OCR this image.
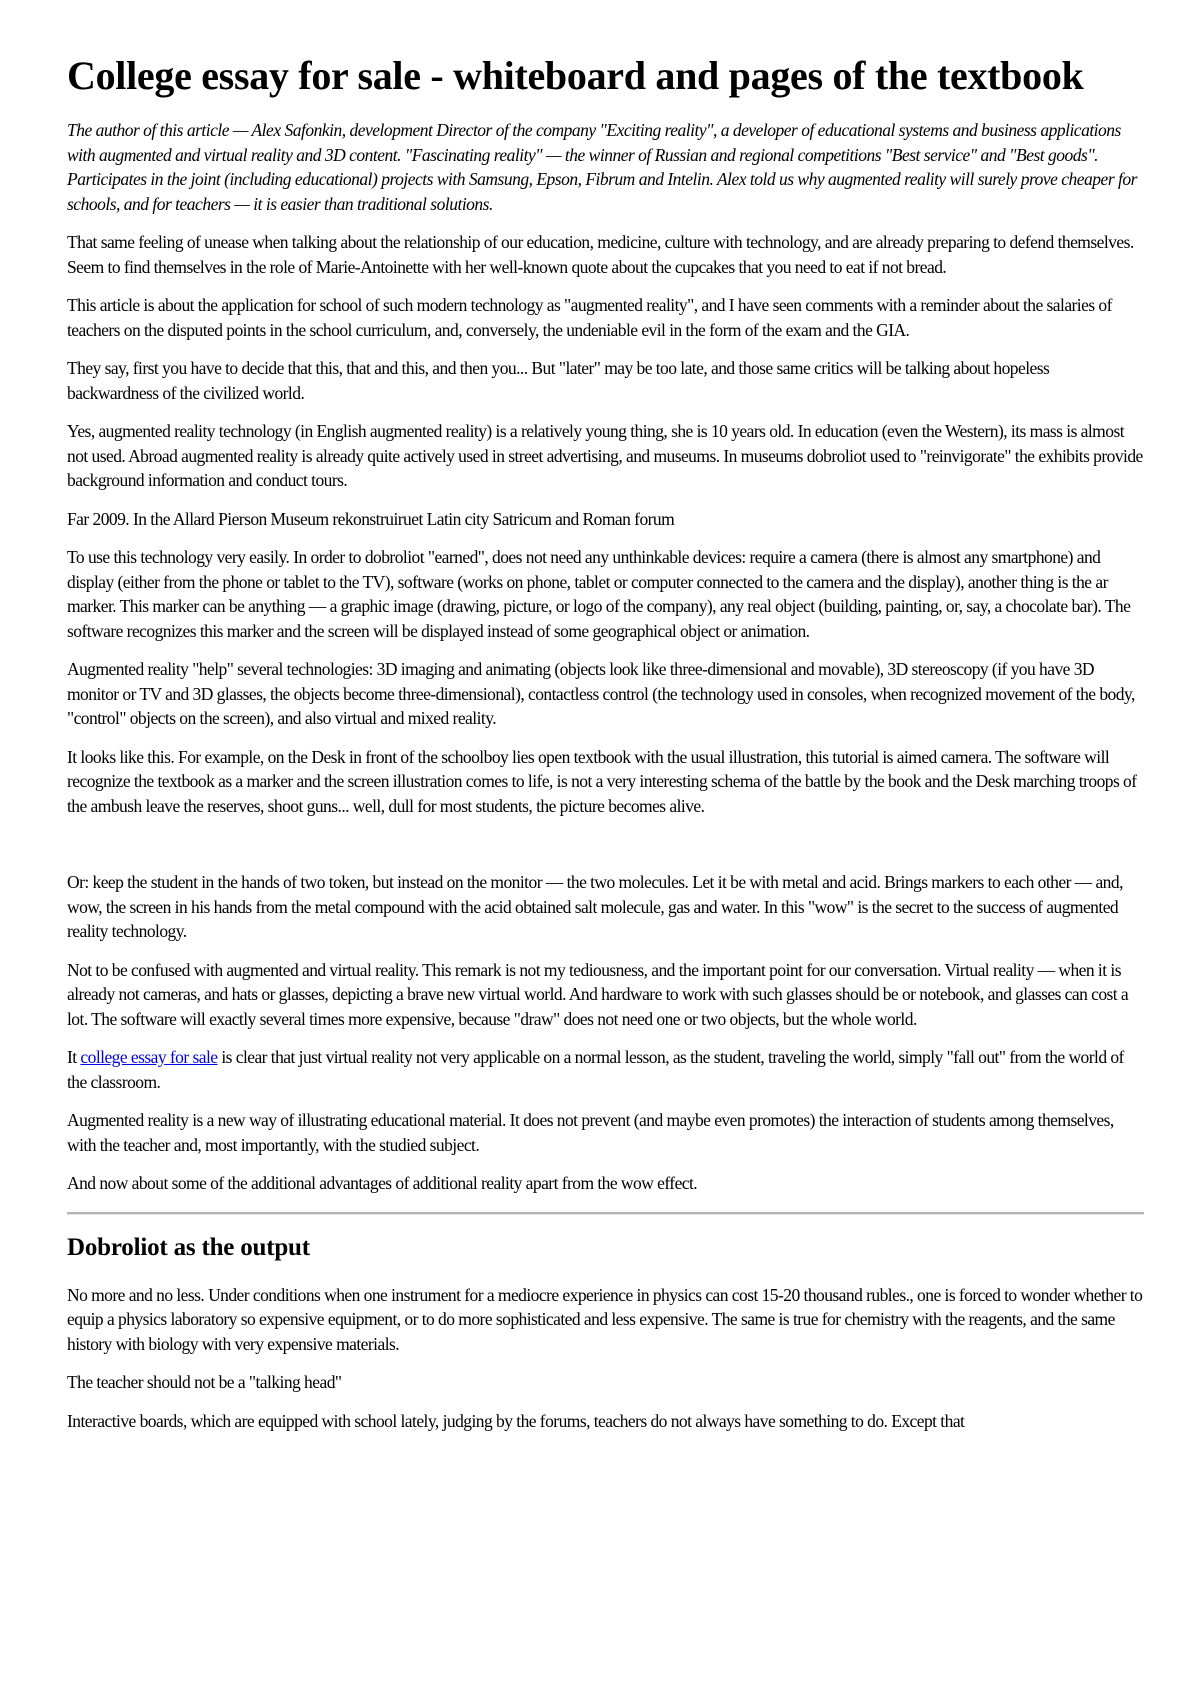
College essay for sale - whiteboard and pages of the textbook

The author of this article — Alex Safonkin, development Director of the company "Exciting reality", a developer of educational systems and business applications with augmented and virtual reality and 3D content. "Fascinating reality" — the winner of Russian and regional competitions "Best service" and "Best goods". Participates in the joint (including educational) projects with Samsung, Epson, Fibrum and Intelin. Alex told us why augmented reality will surely prove cheaper for schools, and for teachers — it is easier than traditional solutions.

That same feeling of unease when talking about the relationship of our education, medicine, culture with technology, and are already preparing to defend themselves. Seem to find themselves in the role of Marie-Antoinette with her well-known quote about the cupcakes that you need to eat if not bread.

This article is about the application for school of such modern technology as "augmented reality", and I have seen comments with a reminder about the salaries of teachers on the disputed points in the school curriculum, and, conversely, the undeniable evil in the form of the exam and the GIA.

They say, first you have to decide that this, that and this, and then you... But "later" may be too late, and those same critics will be talking about hopeless backwardness of the civilized world.

Yes, augmented reality technology (in English augmented reality) is a relatively young thing, she is 10 years old. In education (even the Western), its mass is almost not used. Abroad augmented reality is already quite actively used in street advertising, and museums. In museums dobroliot used to "reinvigorate" the exhibits provide background information and conduct tours.

Far 2009. In the Allard Pierson Museum rekonstruiruet Latin city Satricum and Roman forum

To use this technology very easily. In order to dobroliot "earned", does not need any unthinkable devices: require a camera (there is almost any smartphone) and display (either from the phone or tablet to the TV), software (works on phone, tablet or computer connected to the camera and the display), another thing is the ar marker. This marker can be anything — a graphic image (drawing, picture, or logo of the company), any real object (building, painting, or, say, a chocolate bar). The software recognizes this marker and the screen will be displayed instead of some geographical object or animation.

Augmented reality "help" several technologies: 3D imaging and animating (objects look like three-dimensional and movable), 3D stereoscopy (if you have 3D monitor or TV and 3D glasses, the objects become three-dimensional), contactless control (the technology used in consoles, when recognized movement of the body, "control" objects on the screen), and also virtual and mixed reality.

It looks like this. For example, on the Desk in front of the schoolboy lies open textbook with the usual illustration, this tutorial is aimed camera. The software will recognize the textbook as a marker and the screen illustration comes to life, is not a very interesting schema of the battle by the book and the Desk marching troops of the ambush leave the reserves, shoot guns... well, dull for most students, the picture becomes alive.

Or: keep the student in the hands of two token, but instead on the monitor — the two molecules. Let it be with metal and acid. Brings markers to each other — and, wow, the screen in his hands from the metal compound with the acid obtained salt molecule, gas and water. In this "wow" is the secret to the success of augmented reality technology.

Not to be confused with augmented and virtual reality. This remark is not my tediousness, and the important point for our conversation. Virtual reality — when it is already not cameras, and hats or glasses, depicting a brave new virtual world. And hardware to work with such glasses should be or notebook, and glasses can cost a lot. The software will exactly several times more expensive, because "draw" does not need one or two objects, but the whole world.

It college essay for sale is clear that just virtual reality not very applicable on a normal lesson, as the student, traveling the world, simply "fall out" from the world of the classroom.

Augmented reality is a new way of illustrating educational material. It does not prevent (and maybe even promotes) the interaction of students among themselves, with the teacher and, most importantly, with the studied subject.

And now about some of the additional advantages of additional reality apart from the wow effect.

Dobroliot as the output

No more and no less. Under conditions when one instrument for a mediocre experience in physics can cost 15-20 thousand rubles., one is forced to wonder whether to equip a physics laboratory so expensive equipment, or to do more sophisticated and less expensive. The same is true for chemistry with the reagents, and the same history with biology with very expensive materials.

The teacher should not be a "talking head"

Interactive boards, which are equipped with school lately, judging by the forums, teachers do not always have something to do. Except that
